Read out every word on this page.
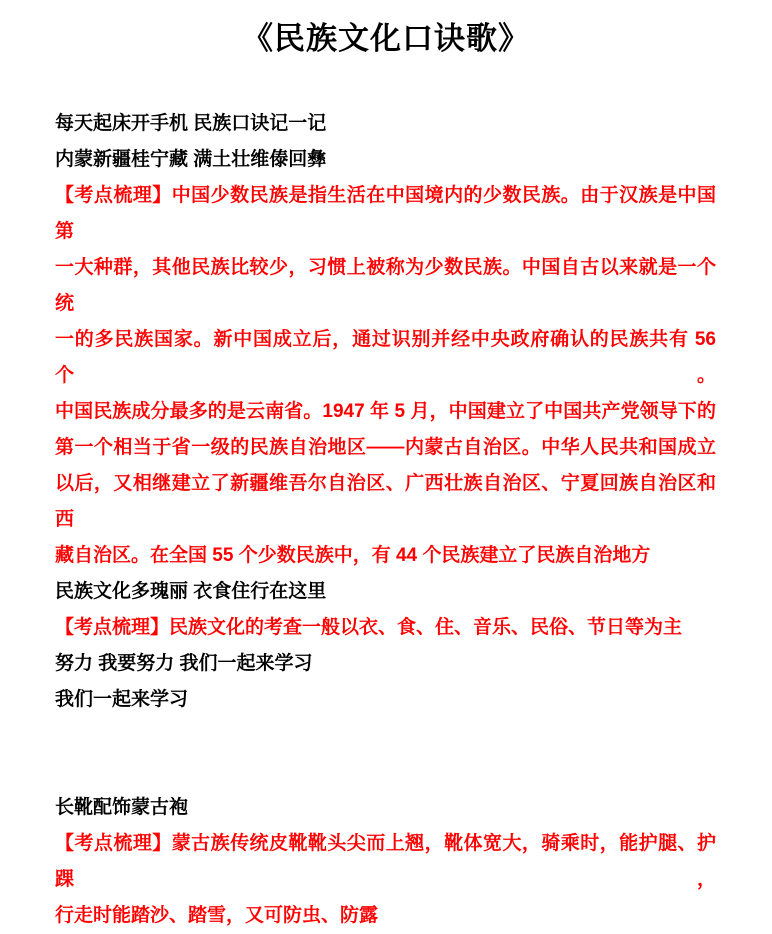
《民族文化口诀歌》
每天起床开手机 民族口诀记一记
内蒙新疆桂宁藏 满土壮维傣回彝
【考点梳理】中国少数民族是指生活在中国境内的少数民族。由于汉族是中国第
一大种群，其他民族比较少，习惯上被称为少数民族。中国自古以来就是一个统
一的多民族国家。新中国成立后，通过识别并经中央政府确认的民族共有 56 个。
中国民族成分最多的是云南省。1947 年 5 月，中国建立了中国共产党领导下的
第一个相当于省一级的民族自治地区——内蒙古自治区。中华人民共和国成立
以后，又相继建立了新疆维吾尔自治区、广西壮族自治区、宁夏回族自治区和西
藏自治区。在全国 55 个少数民族中，有 44 个民族建立了民族自治地方
民族文化多瑰丽 衣食住行在这里
【考点梳理】民族文化的考查一般以衣、食、住、音乐、民俗、节日等为主
努力 我要努力 我们一起来学习
我们一起来学习
长靴配饰蒙古袍
【考点梳理】蒙古族传统皮靴靴头尖而上翘，靴体宽大，骑乘时，能护腿、护踝，
行走时能踏沙、踏雪，又可防虫、防露
